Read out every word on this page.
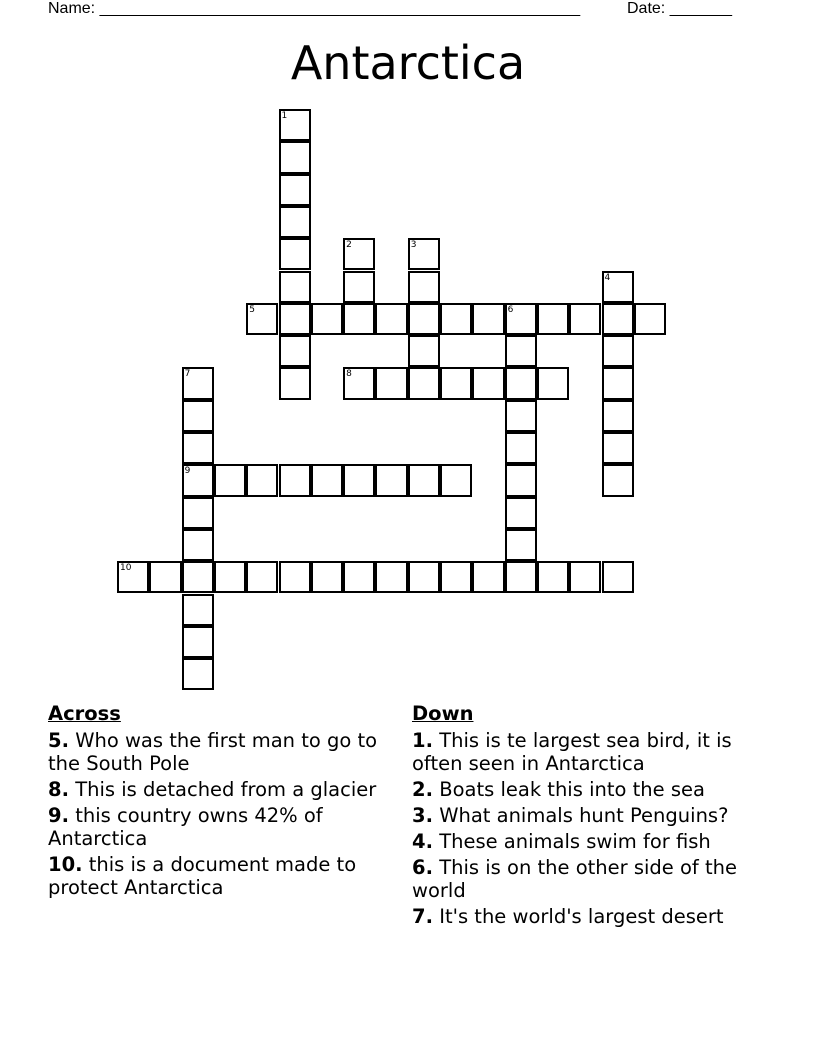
Name: ______________________________________________________	Date: _______
Antarctica
1
2	3
4
5	6
7
9
8
10
Across
5. Who was the first man to go to the South Pole
8. This is detached from a glacier
9. this country owns 42% of Antarctica
10. this is a document made to protect Antarctica
Down
1. This is te largest sea bird, it is often seen in Antarctica
2. Boats leak this into the sea
3. What animals hunt Penguins?
4. These animals swim for fish
6. This is on the other side of the world
7. It's the world's largest desert
